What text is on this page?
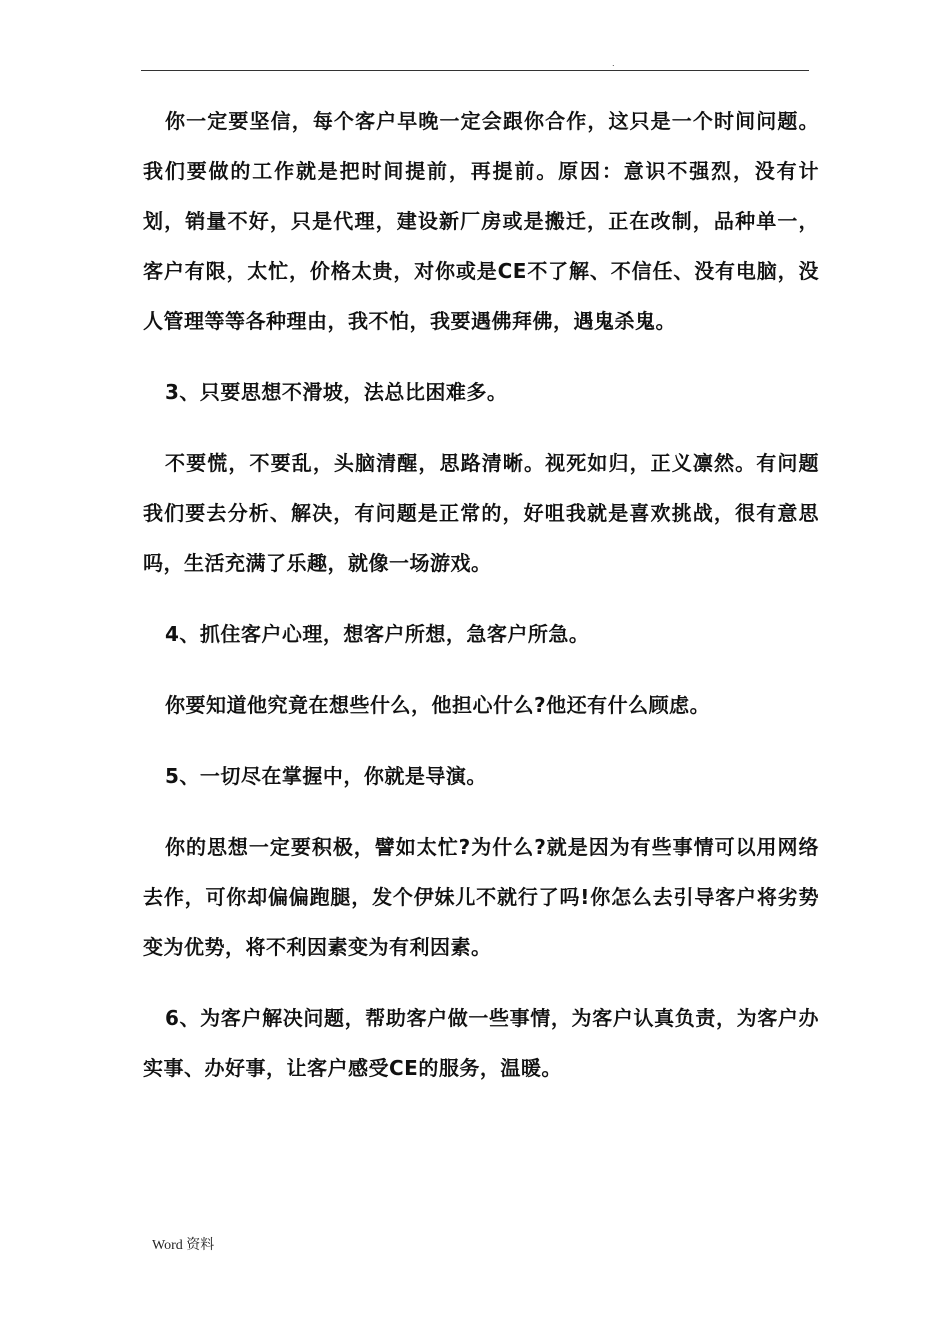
.

你一定要坚信，每个客户早晚一定会跟你合作，这只是一个时间问题。我们要做的工作就是把时间提前，再提前。原因：意识不强烈，没有计划，销量不好，只是代理，建设新厂房或是搬迁，正在改制，品种单一，客户有限，太忙，价格太贵，对你或是CE不了解、不信任、没有电脑，没人管理等等各种理由，我不怕，我要遇佛拜佛，遇鬼杀鬼。

3、只要思想不滑坡，法总比困难多。

不要慌，不要乱，头脑清醒，思路清晰。视死如归，正义凛然。有问题我们要去分析、解决，有问题是正常的，好咀我就是喜欢挑战，很有意思吗，生活充满了乐趣，就像一场游戏。

4、抓住客户心理，想客户所想，急客户所急。

你要知道他究竟在想些什么，他担心什么?他还有什么顾虑。

5、一切尽在掌握中，你就是导演。

你的思想一定要积极，譬如太忙?为什么?就是因为有些事情可以用网络去作，可你却偏偏跑腿，发个伊妹儿不就行了吗!你怎么去引导客户将劣势变为优势，将不利因素变为有利因素。

6、为客户解决问题，帮助客户做一些事情，为客户认真负责，为客户办实事、办好事，让客户感受CE的服务，温暖。

Word 资料
